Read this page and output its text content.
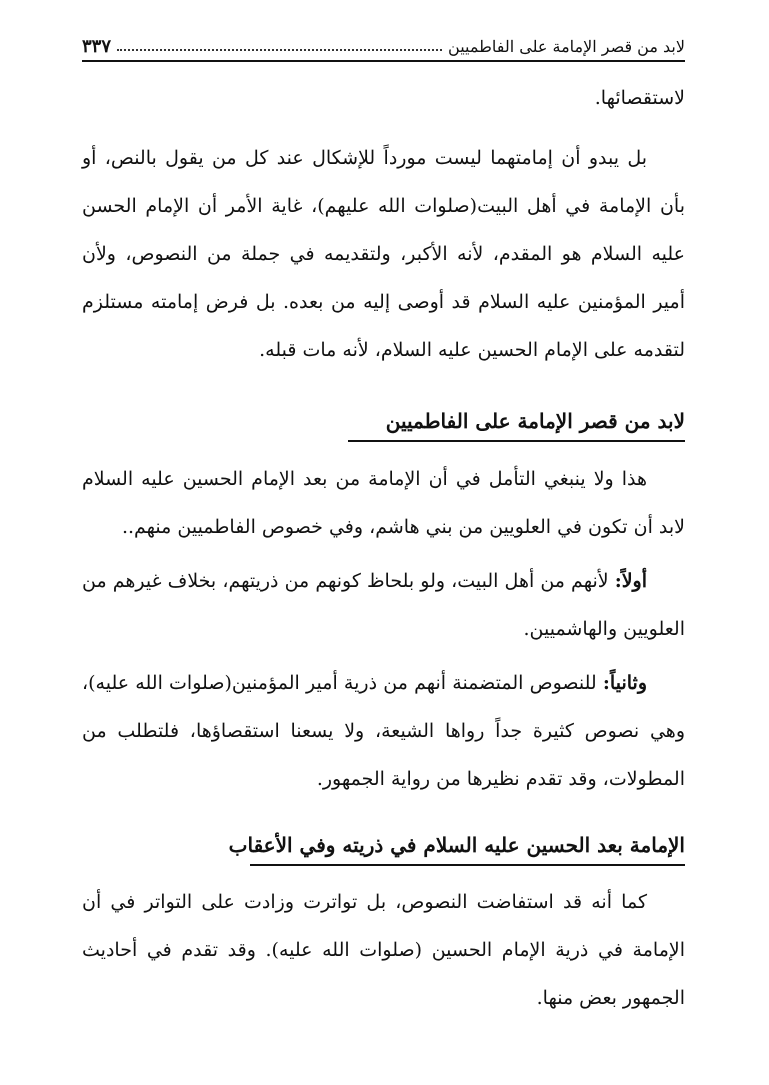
لابد من قصر الإمامة على الفاطميين
٣٣٧

لاستقصائها.

بل يبدو أن إمامتهما ليست مورداً للإشكال عند كل من يقول بالنص، أو بأن الإمامة في أهل البيت(صلوات الله عليهم)، غاية الأمر أن الإمام الحسن عليه السلام هو المقدم، لأنه الأكبر، ولتقديمه في جملة من النصوص، ولأن أمير المؤمنين عليه السلام قد أوصى إليه من بعده. بل فرض إمامته مستلزم لتقدمه على الإمام الحسين عليه السلام، لأنه مات قبله.

لابد من قصر الإمامة على الفاطميين

هذا ولا ينبغي التأمل في أن الإمامة من بعد الإمام الحسين عليه السلام لابد أن تكون في العلويين من بني هاشم، وفي خصوص الفاطميين منهم..

أولاً: لأنهم من أهل البيت، ولو بلحاظ كونهم من ذريتهم، بخلاف غيرهم من العلويين والهاشميين.

وثانياً: للنصوص المتضمنة أنهم من ذرية أمير المؤمنين(صلوات الله عليه)، وهي نصوص كثيرة جداً رواها الشيعة، ولا يسعنا استقصاؤها، فلتطلب من المطولات، وقد تقدم نظيرها من رواية الجمهور.

الإمامة بعد الحسين عليه السلام في ذريته وفي الأعقاب

كما أنه قد استفاضت النصوص، بل تواترت وزادت على التواتر في أن الإمامة في ذرية الإمام الحسين (صلوات الله عليه). وقد تقدم في أحاديث الجمهور بعض منها.
